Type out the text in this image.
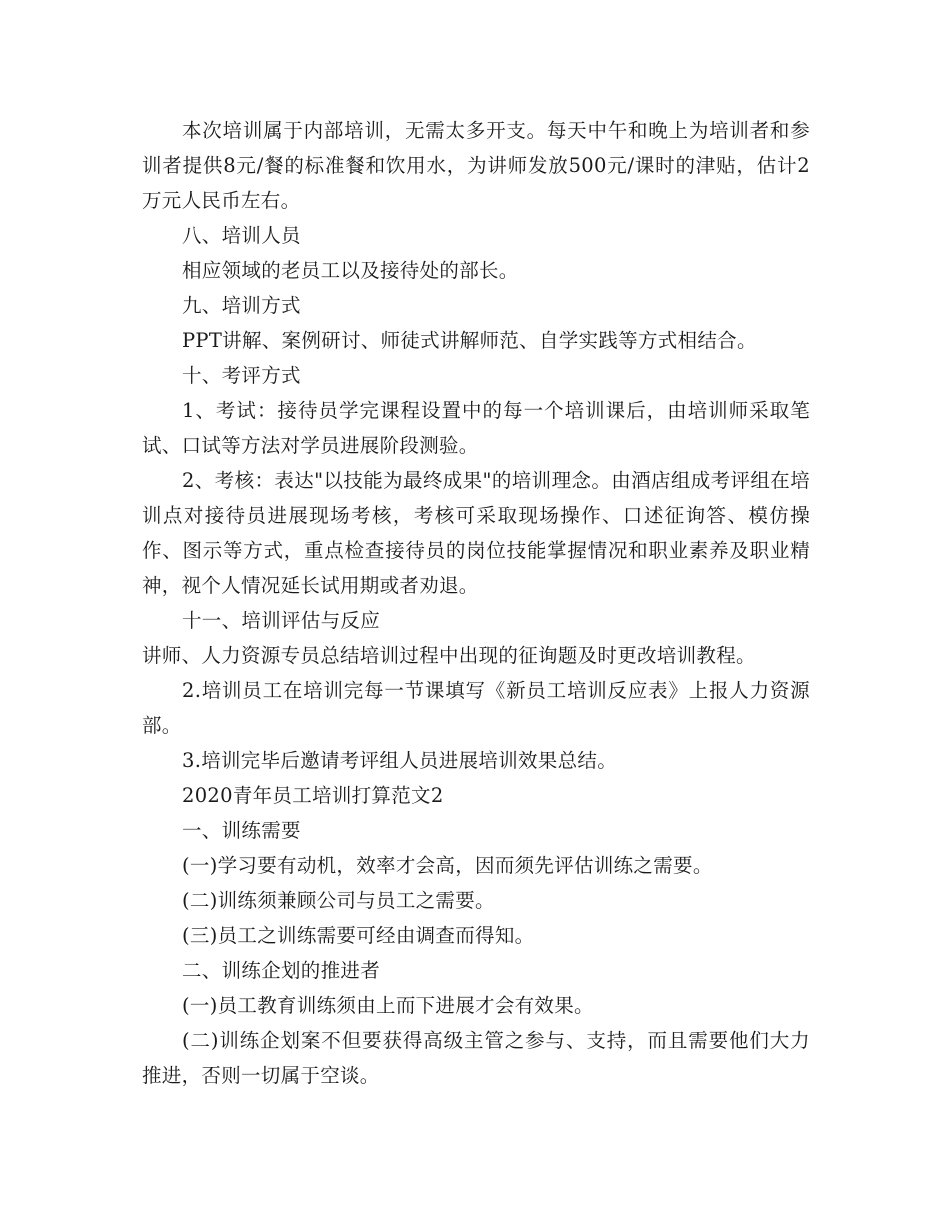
本次培训属于内部培训，无需太多开支。每天中午和晚上为培训者和参训者提供8元/餐的标准餐和饮用水，为讲师发放500元/课时的津贴，估计2万元人民币左右。

八、培训人员

相应领域的老员工以及接待处的部长。

九、培训方式

PPT讲解、案例研讨、师徒式讲解师范、自学实践等方式相结合。

十、考评方式

1、考试：接待员学完课程设置中的每一个培训课后，由培训师采取笔试、口试等方法对学员进展阶段测验。

2、考核：表达"以技能为最终成果"的培训理念。由酒店组成考评组在培训点对接待员进展现场考核，考核可采取现场操作、口述征询答、模仿操作、图示等方式，重点检查接待员的岗位技能掌握情况和职业素养及职业精神，视个人情况延长试用期或者劝退。

十一、培训评估与反应

讲师、人力资源专员总结培训过程中出现的征询题及时更改培训教程。

2.培训员工在培训完每一节课填写《新员工培训反应表》上报人力资源部。

3.培训完毕后邀请考评组人员进展培训效果总结。

2020青年员工培训打算范文2

一、训练需要

(一)学习要有动机，效率才会高，因而须先评估训练之需要。

(二)训练须兼顾公司与员工之需要。

(三)员工之训练需要可经由调查而得知。

二、训练企划的推进者

(一)员工教育训练须由上而下进展才会有效果。

(二)训练企划案不但要获得高级主管之参与、支持，而且需要他们大力推进，否则一切属于空谈。
